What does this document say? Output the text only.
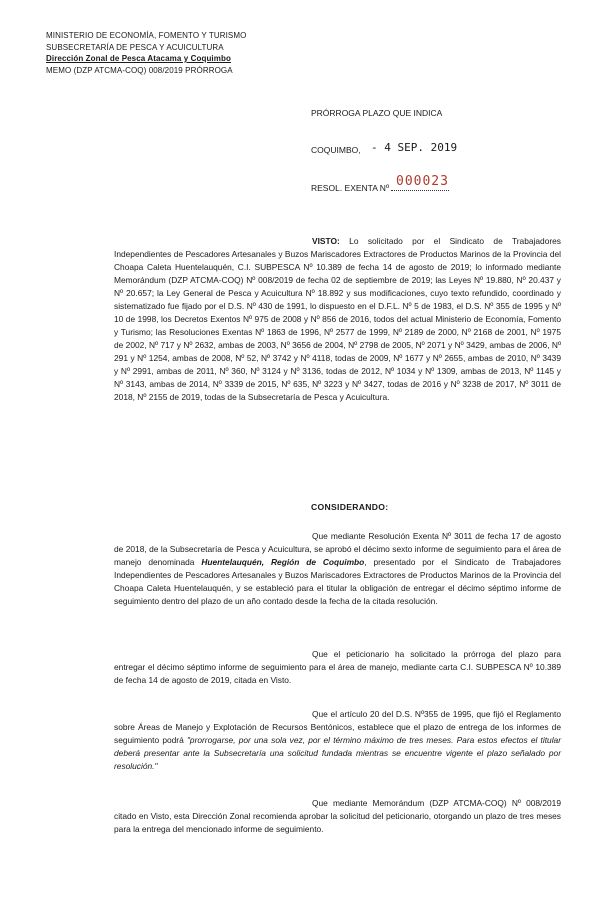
MINISTERIO DE ECONOMÍA, FOMENTO Y TURISMO
SUBSECRETARÍA DE PESCA Y ACUICULTURA
Dirección Zonal de Pesca Atacama y Coquimbo
MEMO (DZP ATCMA-COQ) 008/2019 PRÓRROGA
PRÓRROGA PLAZO QUE INDICA
COQUIMBO, - 4 SEP. 2019
RESOL. EXENTA Nº 000023
VISTO: Lo solicitado por el Sindicato de Trabajadores Independientes de Pescadores Artesanales y Buzos Mariscadores Extractores de Productos Marinos de la Provincia del Choapa Caleta Huentelauquén, C.I. SUBPESCA Nº 10.389 de fecha 14 de agosto de 2019; lo informado mediante Memorándum (DZP ATCMA-COQ) Nº 008/2019 de fecha 02 de septiembre de 2019; las Leyes Nº 19.880, Nº 20.437 y Nº 20.657; la Ley General de Pesca y Acuicultura Nº 18.892 y sus modificaciones, cuyo texto refundido, coordinado y sistematizado fue fijado por el D.S. Nº 430 de 1991, lo dispuesto en el D.F.L. Nº 5 de 1983, el D.S. Nº 355 de 1995 y Nº 10 de 1998, los Decretos Exentos Nº 975 de 2008 y Nº 856 de 2016, todos del actual Ministerio de Economía, Fomento y Turismo; las Resoluciones Exentas Nº 1863 de 1996, Nº 2577 de 1999, Nº 2189 de 2000, Nº 2168 de 2001, Nº 1975 de 2002, Nº 717 y Nº 2632, ambas de 2003, Nº 3656 de 2004, Nº 2798 de 2005, Nº 2071 y Nº 3429, ambas de 2006, Nº 291 y Nº 1254, ambas de 2008, Nº 52, Nº 3742 y Nº 4118, todas de 2009, Nº 1677 y Nº 2655, ambas de 2010, Nº 3439 y Nº 2991, ambas de 2011, Nº 360, Nº 3124 y Nº 3136, todas de 2012, Nº 1034 y Nº 1309, ambas de 2013, Nº 1145 y Nº 3143, ambas de 2014, Nº 3339 de 2015, Nº 635, Nº 3223 y Nº 3427, todas de 2016 y Nº 3238 de 2017, Nº 3011 de 2018, Nº 2155 de 2019, todas de la Subsecretaría de Pesca y Acuicultura.
CONSIDERANDO:
Que mediante Resolución Exenta Nº 3011 de fecha 17 de agosto de 2018, de la Subsecretaría de Pesca y Acuicultura, se aprobó el décimo sexto informe de seguimiento para el área de manejo denominada Huentelauquén, Región de Coquimbo, presentado por el Sindicato de Trabajadores Independientes de Pescadores Artesanales y Buzos Mariscadores Extractores de Productos Marinos de la Provincia del Choapa Caleta Huentelauquén, y se estableció para el titular la obligación de entregar el décimo séptimo informe de seguimiento dentro del plazo de un año contado desde la fecha de la citada resolución.
Que el peticionario ha solicitado la prórroga del plazo para entregar el décimo séptimo informe de seguimiento para el área de manejo, mediante carta C.I. SUBPESCA Nº 10.389 de fecha 14 de agosto de 2019, citada en Visto.
Que el artículo 20 del D.S. Nº355 de 1995, que fijó el Reglamento sobre Áreas de Manejo y Explotación de Recursos Bentónicos, establece que el plazo de entrega de los informes de seguimiento podrá "prorrogarse, por una sola vez, por el término máximo de tres meses. Para estos efectos el titular deberá presentar ante la Subsecretaría una solicitud fundada mientras se encuentre vigente el plazo señalado por resolución."
Que mediante Memorándum (DZP ATCMA-COQ) Nº 008/2019 citado en Visto, esta Dirección Zonal recomienda aprobar la solicitud del peticionario, otorgando un plazo de tres meses para la entrega del mencionado informe de seguimiento.
